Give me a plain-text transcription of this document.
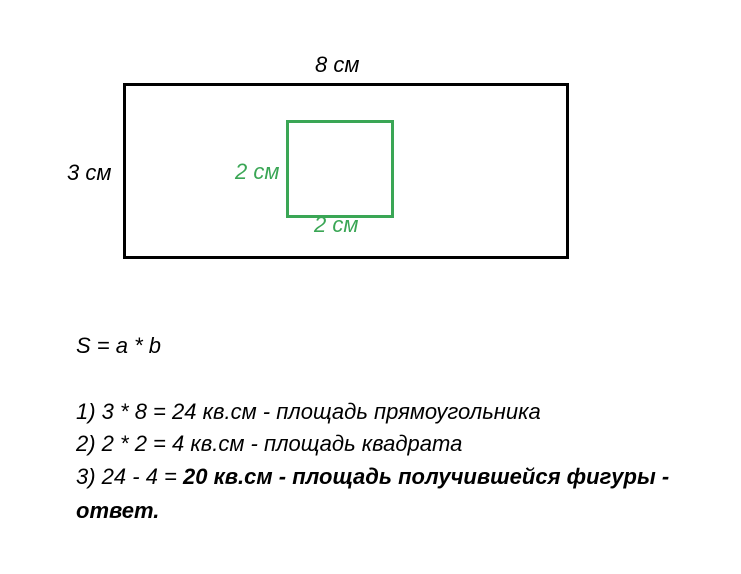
8 см
3 см	2 см
2 см
S = a * b
1) 3 * 8 = 24 кв.см - площадь прямоугольника
2) 2 * 2 = 4 кв.см - площадь квадрата
3) 24 - 4 = 20 кв.см - площадь получившейся фигуры -
ответ.
